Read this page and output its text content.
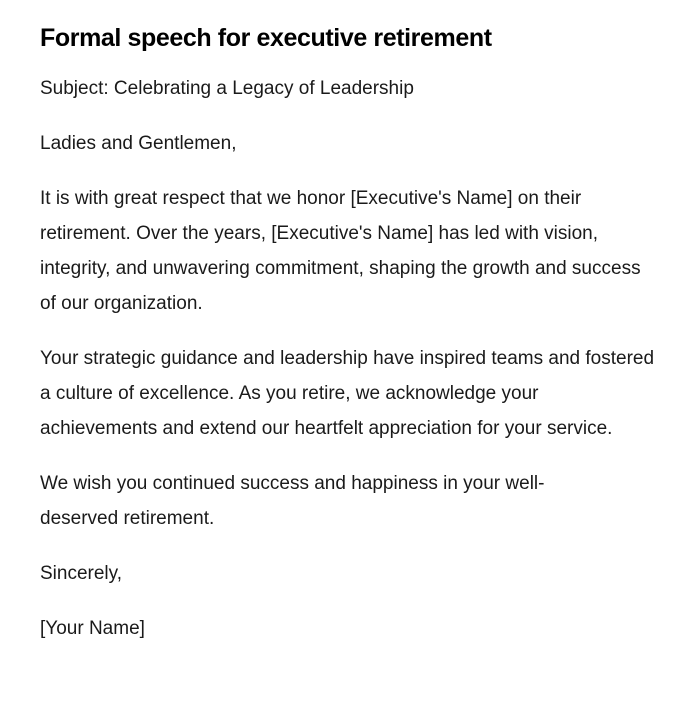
Formal speech for executive retirement

Subject: Celebrating a Legacy of Leadership

Ladies and Gentlemen,

It is with great respect that we honor [Executive's Name] on their retirement. Over the years, [Executive's Name] has led with vision, integrity, and unwavering commitment, shaping the growth and success of our organization.

Your strategic guidance and leadership have inspired teams and fostered a culture of excellence. As you retire, we acknowledge your achievements and extend our heartfelt appreciation for your service.

We wish you continued success and happiness in your well-deserved retirement.

Sincerely,

[Your Name]
